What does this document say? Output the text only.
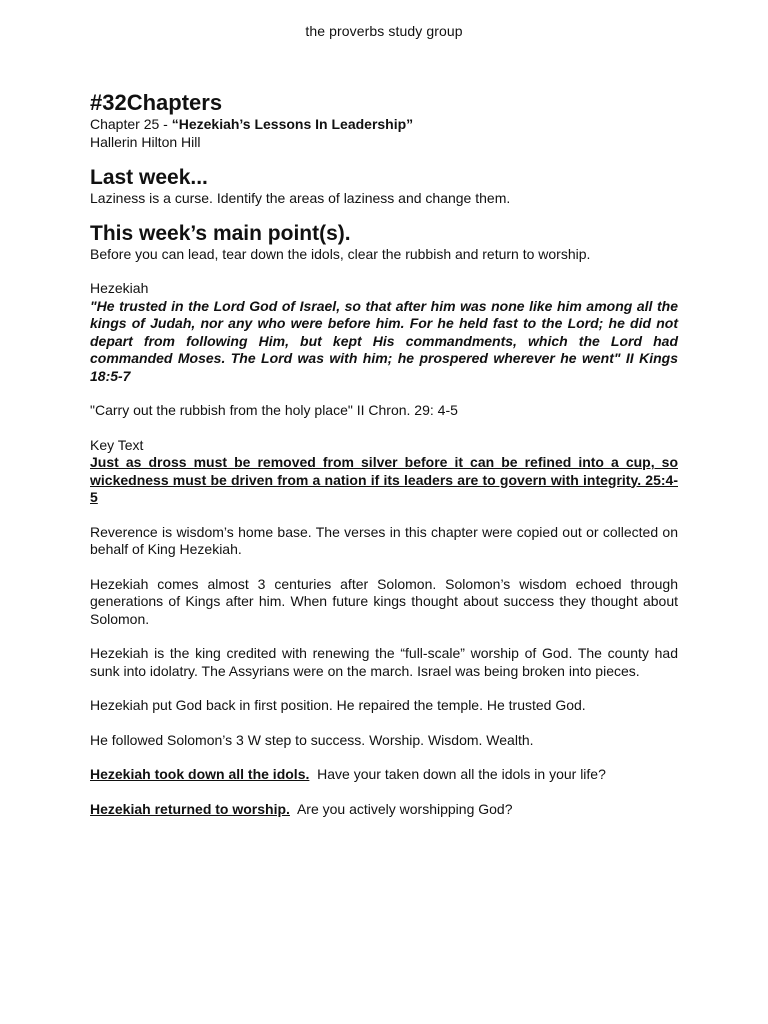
the proverbs study group

#32Chapters

Chapter 25 - “Hezekiah’s Lessons In Leadership”

Hallerin Hilton Hill

Last week...

Laziness is a curse. Identify the areas of laziness and change them.

This week’s main point(s).

Before you can lead, tear down the idols, clear the rubbish and return to worship.

Hezekiah

"He trusted in the Lord God of Israel, so that after him was none like him among all the kings of Judah, nor any who were before him. For he held fast to the Lord; he did not depart from following Him, but kept His commandments, which the Lord had commanded Moses. The Lord was with him; he prospered wherever he went" II Kings 18:5-7

"Carry out the rubbish from the holy place" II Chron. 29: 4-5

Key Text

Just as dross must be removed from silver before it can be refined into a cup, so wickedness must be driven from a nation if its leaders are to govern with integrity. 25:4-5

Reverence is wisdom’s home base. The verses in this chapter were copied out or collected on behalf of King Hezekiah.

Hezekiah comes almost 3 centuries after Solomon. Solomon’s wisdom echoed through generations of Kings after him. When future kings thought about success they thought about Solomon.

Hezekiah is the king credited with renewing the “full-scale” worship of God. The county had sunk into idolatry. The Assyrians were on the march. Israel was being broken into pieces.

Hezekiah put God back in first position. He repaired the temple. He trusted God.

He followed Solomon’s 3 W step to success. Worship. Wisdom. Wealth.

Hezekiah took down all the idols.  Have your taken down all the idols in your life?

Hezekiah returned to worship.  Are you actively worshipping God?
